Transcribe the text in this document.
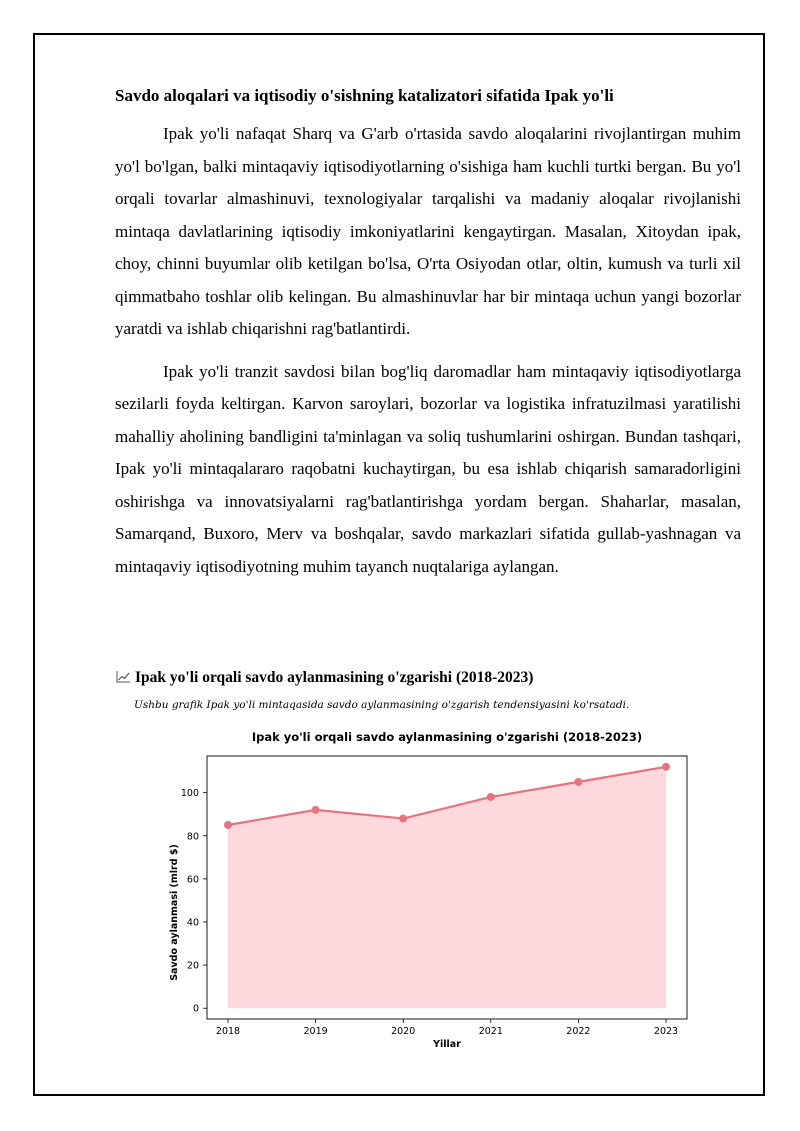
Savdo aloqalari va iqtisodiy o'sishning katalizatori sifatida Ipak yo'li

Ipak yo'li nafaqat Sharq va G'arb o'rtasida savdo aloqalarini rivojlantirgan muhim yo'l bo'lgan, balki mintaqaviy iqtisodiyotlarning o'sishiga ham kuchli turtki bergan. Bu yo'l orqali tovarlar almashinuvi, texnologiyalar tarqalishi va madaniy aloqalar rivojlanishi mintaqa davlatlarining iqtisodiy imkoniyatlarini kengaytirgan. Masalan, Xitoydan ipak, choy, chinni buyumlar olib ketilgan bo'lsa, O'rta Osiyodan otlar, oltin, kumush va turli xil qimmatbaho toshlar olib kelingan. Bu almashinuvlar har bir mintaqa uchun yangi bozorlar yaratdi va ishlab chiqarishni rag'batlantirdi.

Ipak yo'li tranzit savdosi bilan bog'liq daromadlar ham mintaqaviy iqtisodiyotlarga sezilarli foyda keltirgan. Karvon saroylari, bozorlar va logistika infratuzilmasi yaratilishi mahalliy aholining bandligini ta'minlagan va soliq tushumlarini oshirgan. Bundan tashqari, Ipak yo'li mintaqalararo raqobatni kuchaytirgan, bu esa ishlab chiqarish samaradorligini oshirishga va innovatsiyalarni rag'batlantirishga yordam bergan. Shaharlar, masalan, Samarqand, Buxoro, Merv va boshqalar, savdo markazlari sifatida gullab-yashnagan va mintaqaviy iqtisodiyotning muhim tayanch nuqtalariga aylangan.

Ipak yo'li orqali savdo aylanmasining o'zgarishi (2018-2023)
Ushbu grafik Ipak yo'li mintaqasida savdo aylanmasining o'zgarish tendensiyasini ko'rsatadi.
Ipak yo'li orqali savdo aylanmasining o'zgarishi (2018-2023)
0
20
40
60
80
100
2018	2019	2020	2021	2022	2023
Yillar
Savdo aylanmasi (mlrd $)
